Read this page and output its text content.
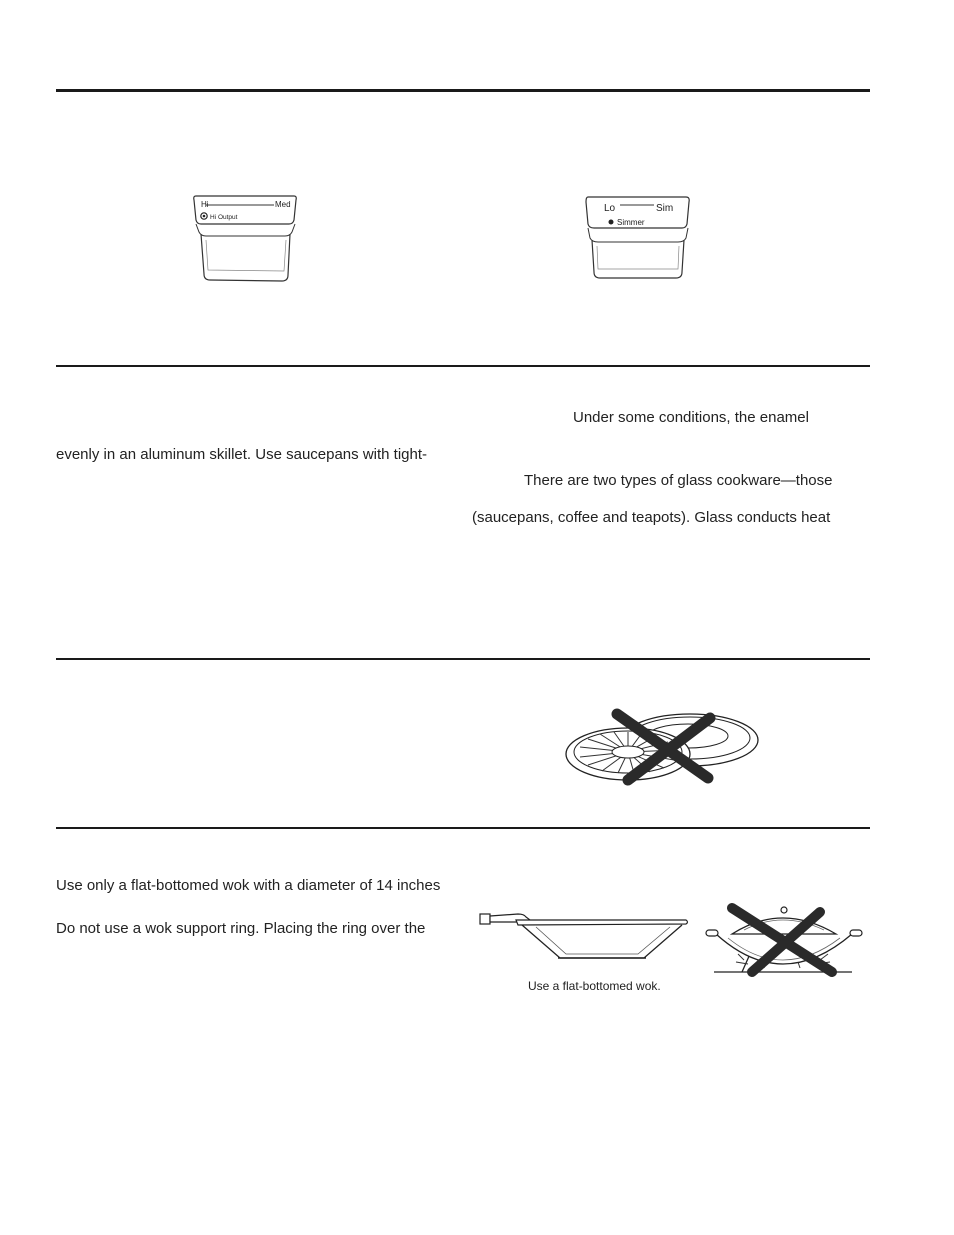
Hi	Med
Hi Output
Lo	Sim
Simmer
Under some conditions, the enamel
evenly in an aluminum skillet. Use saucepans with tight-
There are two types of glass cookware—those
(saucepans, coffee and teapots). Glass conducts heat
Use only a flat-bottomed wok with a diameter of 14 inches
Do not use a wok support ring. Placing the ring over the
Use a flat-bottomed wok.
